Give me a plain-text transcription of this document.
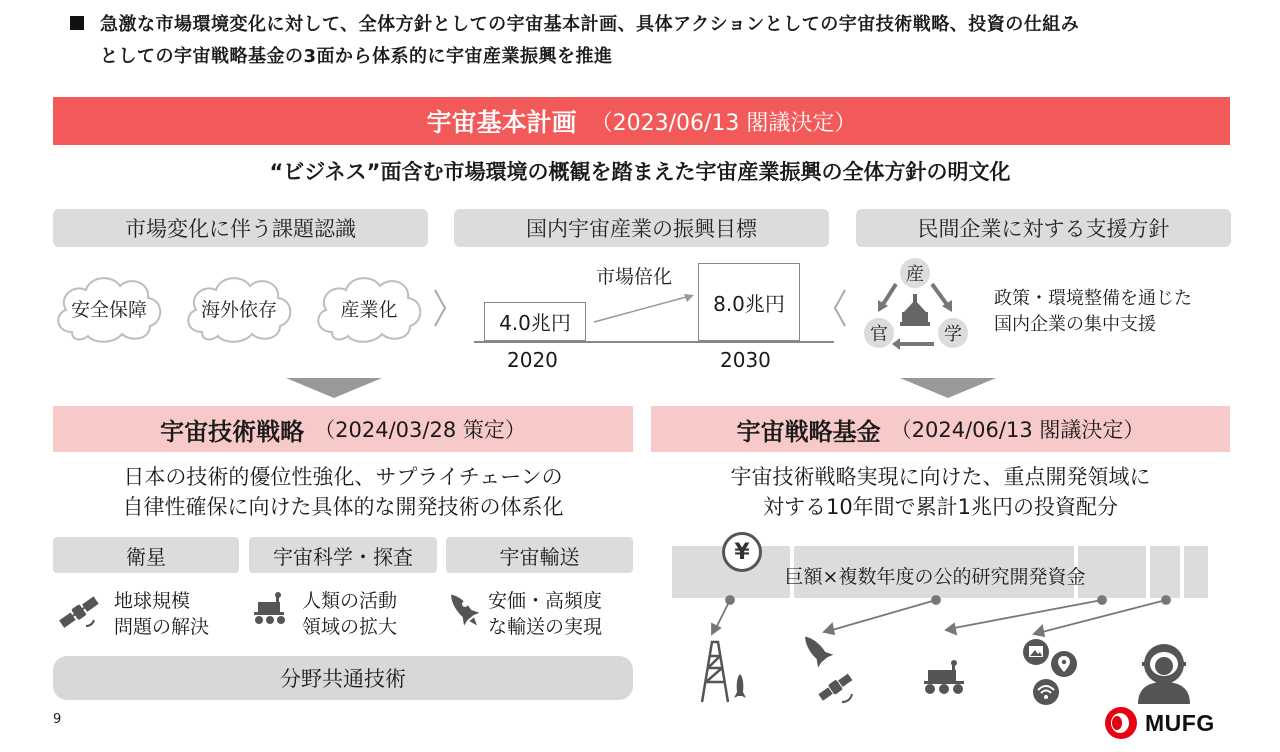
急激な市場環境変化に対して、全体方針としての宇宙基本計画、具体アクションとしての宇宙技術戦略、投資の仕組み
としての宇宙戦略基金の3面から体系的に宇宙産業振興を推進
宇宙基本計画 （2023/06/13 閣議決定）
“ビジネス”面含む市場環境の概観を踏まえた宇宙産業振興の全体方針の明文化
市場変化に伴う課題認識	国内宇宙産業の振興目標	民間企業に対する支援方針
安全保障	海外依存	産業化
4.0兆円
8.0兆円
2020	2030
市場倍化	産
学
官
政策・環境整備を通じた
国内企業の集中支援
宇宙技術戦略 （2024/03/28 策定）
日本の技術的優位性強化、サプライチェーンの
自律性確保に向けた具体的な開発技術の体系化
衛星	宇宙科学・探査	宇宙輸送
地球規模
問題の解決
人類の活動
領域の拡大
安価・高頻度
な輸送の実現
分野共通技術
宇宙戦略基金 （2024/06/13 閣議決定）
宇宙技術戦略実現に向けた、重点開発領域に
対する10年間で累計1兆円の投資配分
巨額×複数年度の公的研究開発資金
¥
9	MUFG
